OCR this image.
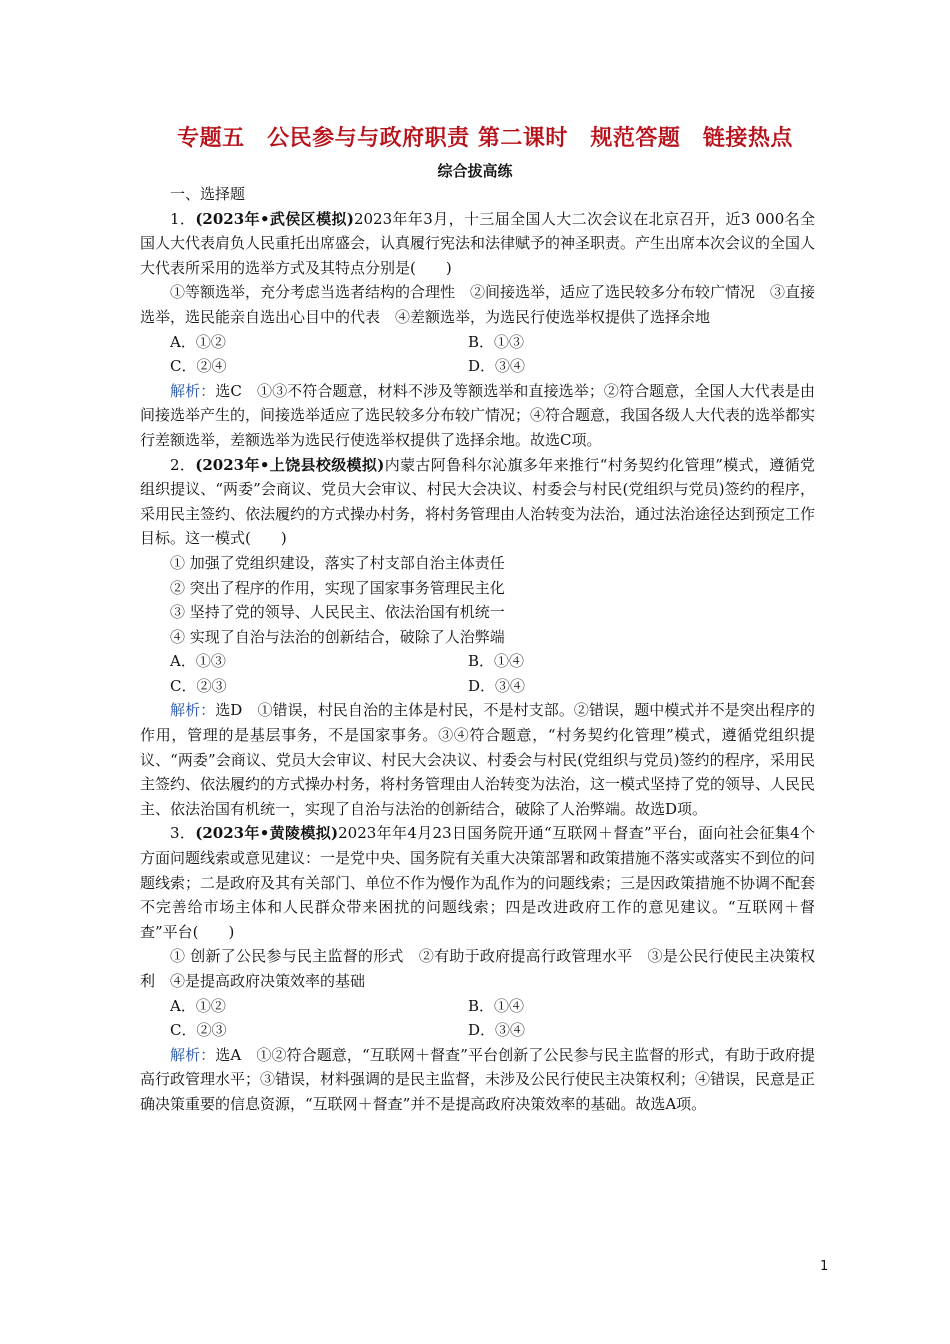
专题五　公民参与与政府职责 第二课时　规范答题　链接热点
综合拔高练

一、选择题

1．(2023年•武侯区模拟)2023年年3月，十三届全国人大二次会议在北京召开，近3 000名全国人大代表肩负人民重托出席盛会，认真履行宪法和法律赋予的神圣职责。产生出席本次会议的全国人大代表所采用的选举方式及其特点分别是(　　)

①等额选举，充分考虑当选者结构的合理性　②间接选举，适应了选民较多分布较广情况　③直接选举，选民能亲自选出心目中的代表　④差额选举，为选民行使选举权提供了选择余地

A．①②	B．①③
C．②④	D．③④

解析：选C　①③不符合题意，材料不涉及等额选举和直接选举；②符合题意，全国人大代表是由间接选举产生的，间接选举适应了选民较多分布较广情况；④符合题意，我国各级人大代表的选举都实行差额选举，差额选举为选民行使选举权提供了选择余地。故选C项。

2．(2023年•上饶县校级模拟)内蒙古阿鲁科尔沁旗多年来推行“村务契约化管理”模式，遵循党组织提议、“两委”会商议、党员大会审议、村民大会决议、村委会与村民(党组织与党员)签约的程序，采用民主签约、依法履约的方式操办村务，将村务管理由人治转变为法治，通过法治途径达到预定工作目标。这一模式(　　)

① 加强了党组织建设，落实了村支部自治主体责任

② 突出了程序的作用，实现了国家事务管理民主化

③ 坚持了党的领导、人民民主、依法治国有机统一

④ 实现了自治与法治的创新结合，破除了人治弊端

A．①③	B．①④
C．②③	D．③④

解析：选D　①错误，村民自治的主体是村民，不是村支部。②错误，题中模式并不是突出程序的作用，管理的是基层事务，不是国家事务。③④符合题意，“村务契约化管理”模式，遵循党组织提议、“两委”会商议、党员大会审议、村民大会决议、村委会与村民(党组织与党员)签约的程序，采用民主签约、依法履约的方式操办村务，将村务管理由人治转变为法治，这一模式坚持了党的领导、人民民主、依法治国有机统一，实现了自治与法治的创新结合，破除了人治弊端。故选D项。

3．(2023年•黄陵模拟)2023年年4月23日国务院开通“互联网＋督查”平台，面向社会征集4个方面问题线索或意见建议：一是党中央、国务院有关重大决策部署和政策措施不落实或落实不到位的问题线索；二是政府及其有关部门、单位不作为慢作为乱作为的问题线索；三是因政策措施不协调不配套不完善给市场主体和人民群众带来困扰的问题线索；四是改进政府工作的意见建议。“互联网＋督查”平台(　　)

① 创新了公民参与民主监督的形式　②有助于政府提高行政管理水平　③是公民行使民主决策权利　④是提高政府决策效率的基础

A．①②	B．①④
C．②③	D．③④

解析：选A　①②符合题意，“互联网＋督查”平台创新了公民参与民主监督的形式，有助于政府提高行政管理水平；③错误，材料强调的是民主监督，未涉及公民行使民主决策权利；④错误，民意是正确决策重要的信息资源，“互联网＋督查”并不是提高政府决策效率的基础。故选A项。

1
